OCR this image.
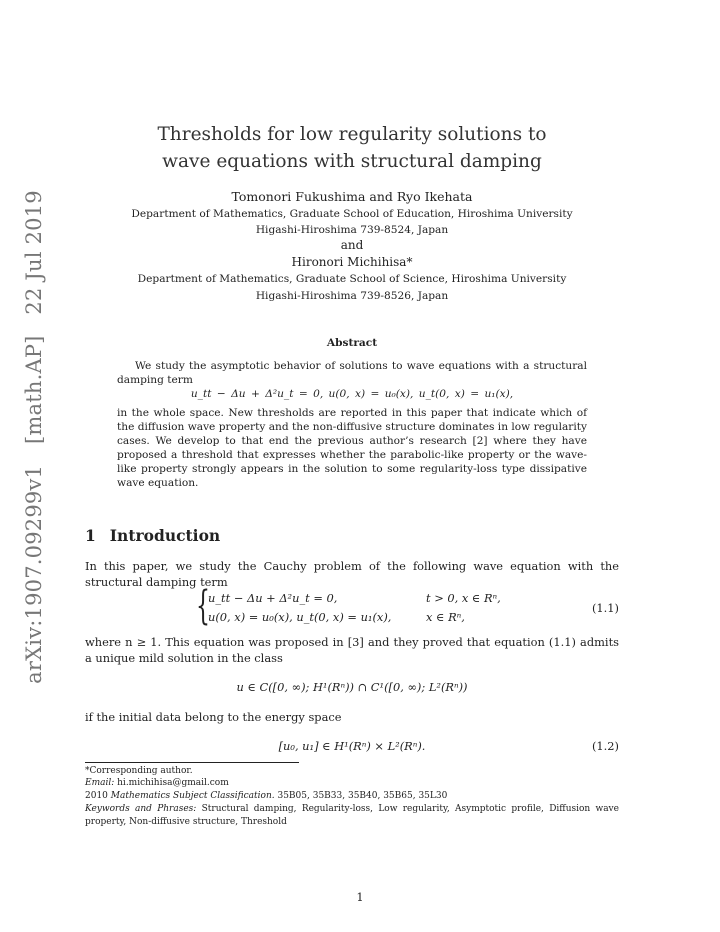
arXiv:1907.09299v1 [math.AP] 22 Jul 2019
Thresholds for low regularity solutions to
wave equations with structural damping
Tomonori Fukushima and Ryo Ikehata
Department of Mathematics, Graduate School of Education, Hiroshima University
Higashi-Hiroshima 739-8524, Japan
and
Hironori Michihisa*
Department of Mathematics, Graduate School of Science, Hiroshima University
Higashi-Hiroshima 739-8526, Japan
Abstract
We study the asymptotic behavior of solutions to wave equations with a structural damping term
u_tt − Δu + Δ²u_t = 0, u(0, x) = u₀(x), u_t(0, x) = u₁(x),
in the whole space. New thresholds are reported in this paper that indicate which of the diffusion wave property and the non-diffusive structure dominates in low regularity cases. We develop to that end the previous author’s research [2] where they have proposed a threshold that expresses whether the parabolic-like property or the wave-like property strongly appears in the solution to some regularity-loss type dissipative wave equation.
1 Introduction
In this paper, we study the Cauchy problem of the following wave equation with the structural damping term
{
u_tt − Δu + Δ²u_t = 0,	t > 0, x ∈ Rⁿ,
u(0, x) = u₀(x), u_t(0, x) = u₁(x),	x ∈ Rⁿ,
(1.1)
where n ≥ 1. This equation was proposed in [3] and they proved that equation (1.1) admits a unique mild solution in the class
u ∈ C([0, ∞); H¹(Rⁿ)) ∩ C¹([0, ∞); L²(Rⁿ))
if the initial data belong to the energy space
[u₀, u₁] ∈ H¹(Rⁿ) × L²(Rⁿ).	(1.2)
*Corresponding author.
Email: hi.michihisa@gmail.com
2010 Mathematics Subject Classification. 35B05, 35B33, 35B40, 35B65, 35L30
Keywords and Phrases: Structural damping, Regularity-loss, Low regularity, Asymptotic profile, Diffusion wave property, Non-diffusive structure, Threshold
1
